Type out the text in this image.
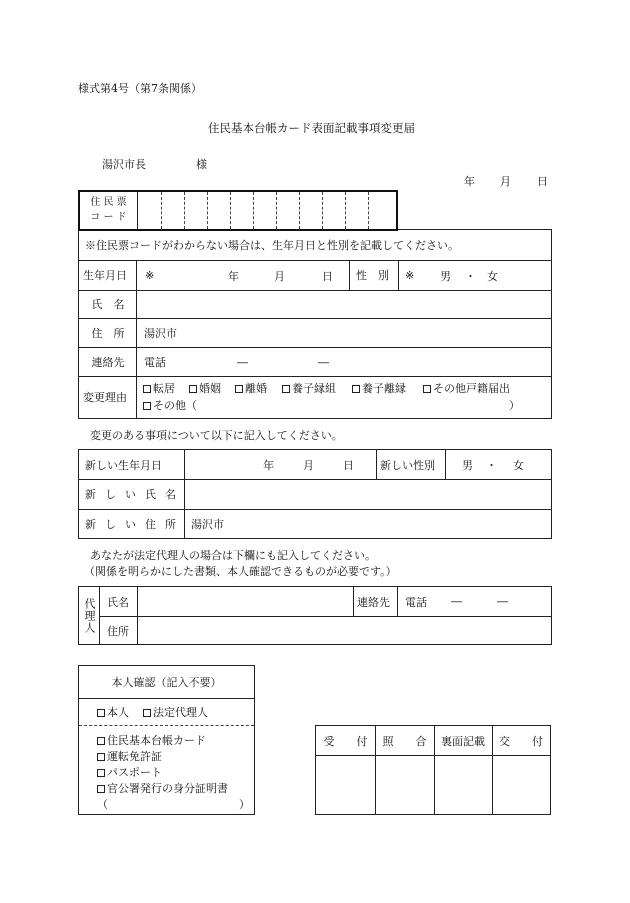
様式第4号（第7条関係）
住民基本台帳カード表面記載事項変更届
湯沢市長	様
年 月 日
住 民 票
コ ー ド
※住民票コードがわからない場合は、生年月日と性別を記載してください。
生年月日 ※	年	月	日 性　別 ※ 男 ・ 女
氏　名
住　所	湯沢市
連絡先	電話	―	―
変更理由
転居	婚姻	離婚	養子縁組	養子離縁	その他戸籍届出
その他（	）
変更のある事項について以下に記入してください。
新しい生年月日	年	月	日 新しい性別 男 ・ 女
新しい氏名
新しい住所 湯沢市
あなたが法定代理人の場合は下欄にも記入してください。
（関係を明らかにした書類、本人確認できるものが必要です。）
代理人 氏名	連絡先 電話 ―	―
住所
本人確認（記入不要）
本人	法定代理人
住民基本台帳カード
運転免許証
パスポート
官公署発行の身分証明書
（	）
受　　付	照　　合	裏面記載	交　　付
